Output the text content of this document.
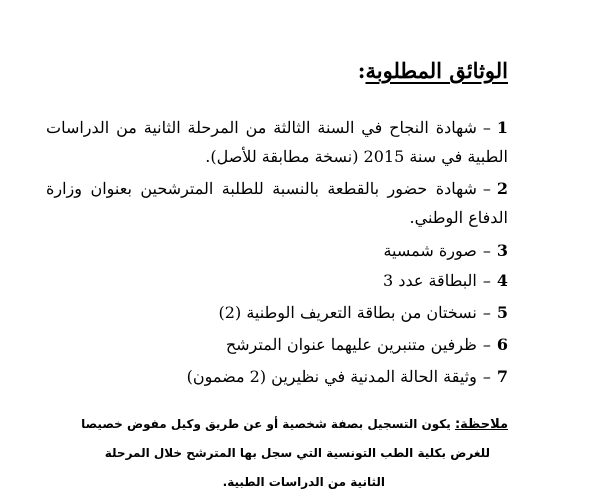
الوثائق المطلوبة:
1–شهادة النجاح في السنة الثالثة من المرحلة الثانية من الدراسات الطبية في سنة 2015 (نسخة مطابقة للأصل).
2–شهادة حضور بالقطعة بالنسبة للطلبة المترشحين بعنوان وزارة الدفاع الوطني.
3–صورة شمسية
4–البطاقة عدد 3
5–نسختان من بطاقة التعريف الوطنية (2)
6–ظرفين متنبرين عليهما عنوان المترشح
7–وثيقة الحالة المدنية في نظيرين (2 مضمون)
ملاحظة: يكون التسجيل بصفة شخصية أو عن طريق وكيل مفوض خصيصا
للغرض بكلية الطب التونسية التي سجل بها المترشح خلال المرحلة
الثانية من الدراسات الطبية.
